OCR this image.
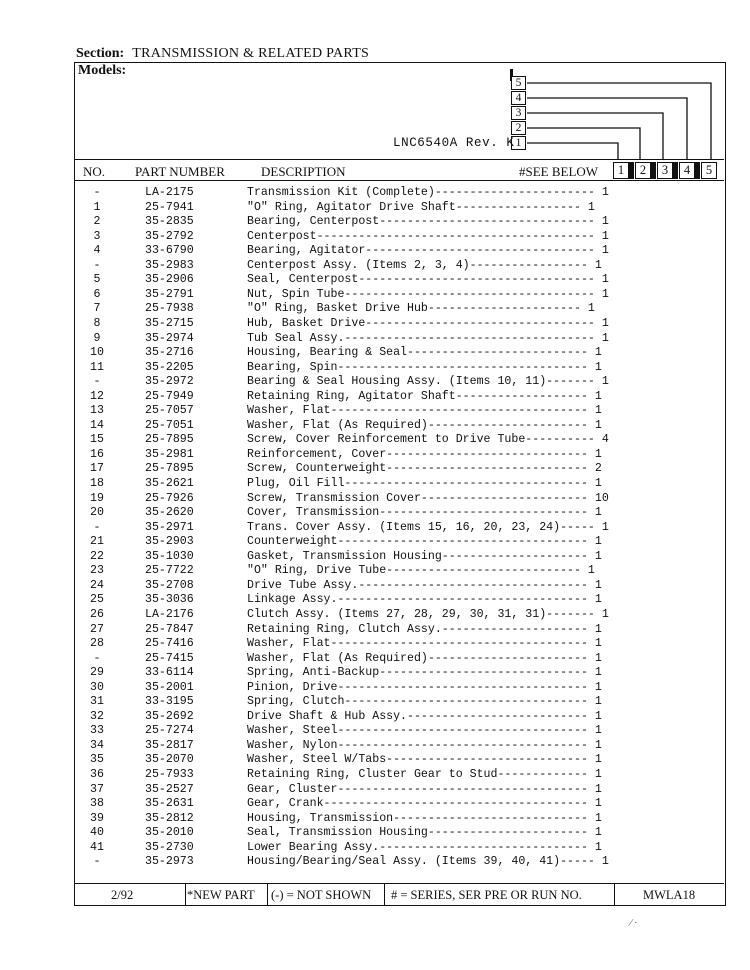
Section: TRANSMISSION & RELATED PARTS
Models:
5
4
3
2
1
LNC6540A Rev. K
NO. PART NUMBER	DESCRIPTION	#SEE BELOW	1	2	3	4	5
-	LA-2175	Transmission Kit (Complete)----------------------- 1
1	25-7941	"O" Ring, Agitator Drive Shaft------------------ 1
2	35-2835	Bearing, Centerpost------------------------------- 1
3	35-2792	Centerpost---------------------------------------- 1
4	33-6790	Bearing, Agitator--------------------------------- 1
-	35-2983	Centerpost Assy. (Items 2, 3, 4)----------------- 1
5	35-2906	Seal, Centerpost---------------------------------- 1
6	35-2791	Nut, Spin Tube------------------------------------ 1
7	25-7938	"O" Ring, Basket Drive Hub---------------------- 1
8	35-2715	Hub, Basket Drive--------------------------------- 1
9	35-2974	Tub Seal Assy.------------------------------------ 1
10	35-2716	Housing, Bearing & Seal-------------------------- 1
11	35-2205	Bearing, Spin------------------------------------ 1
-	35-2972	Bearing & Seal Housing Assy. (Items 10, 11)------- 1
12	25-7949	Retaining Ring, Agitator Shaft------------------- 1
13	25-7057	Washer, Flat------------------------------------- 1
14	25-7051	Washer, Flat (As Required)----------------------- 1
15	25-7895	Screw, Cover Reinforcement to Drive Tube---------- 4
16	35-2981	Reinforcement, Cover----------------------------- 1
17	25-7895	Screw, Counterweight----------------------------- 2
18	35-2621	Plug, Oil Fill----------------------------------- 1
19	25-7926	Screw, Transmission Cover------------------------ 10
20	35-2620	Cover, Transmission------------------------------ 1
-	35-2971	Trans. Cover Assy. (Items 15, 16, 20, 23, 24)----- 1
21	35-2903	Counterweight------------------------------------ 1
22	35-1030	Gasket, Transmission Housing--------------------- 1
23	25-7722	"O" Ring, Drive Tube---------------------------- 1
24	35-2708	Drive Tube Assy.--------------------------------- 1
25	35-3036	Linkage Assy.------------------------------------ 1
26	LA-2176	Clutch Assy. (Items 27, 28, 29, 30, 31, 31)------- 1
27	25-7847	Retaining Ring, Clutch Assy.--------------------- 1
28	25-7416	Washer, Flat------------------------------------- 1
-	25-7415	Washer, Flat (As Required)----------------------- 1
29	33-6114	Spring, Anti-Backup------------------------------ 1
30	35-2001	Pinion, Drive------------------------------------ 1
31	33-3195	Spring, Clutch----------------------------------- 1
32	35-2692	Drive Shaft & Hub Assy.-------------------------- 1
33	25-7274	Washer, Steel------------------------------------ 1
34	35-2817	Washer, Nylon------------------------------------ 1
35	35-2070	Washer, Steel W/Tabs----------------------------- 1
36	25-7933	Retaining Ring, Cluster Gear to Stud------------- 1
37	35-2527	Gear, Cluster------------------------------------ 1
38	35-2631	Gear, Crank-------------------------------------- 1
39	35-2812	Housing, Transmission---------------------------- 1
40	35-2010	Seal, Transmission Housing----------------------- 1
41	35-2730	Lower Bearing Assy.------------------------------ 1
-	35-2973	Housing/Bearing/Seal Assy. (Items 39, 40, 41)----- 1
2/92	*NEW PART (-) = NOT SHOWN # = SERIES, SER PRE OR RUN NO.	MWLA18
⁄ ·
